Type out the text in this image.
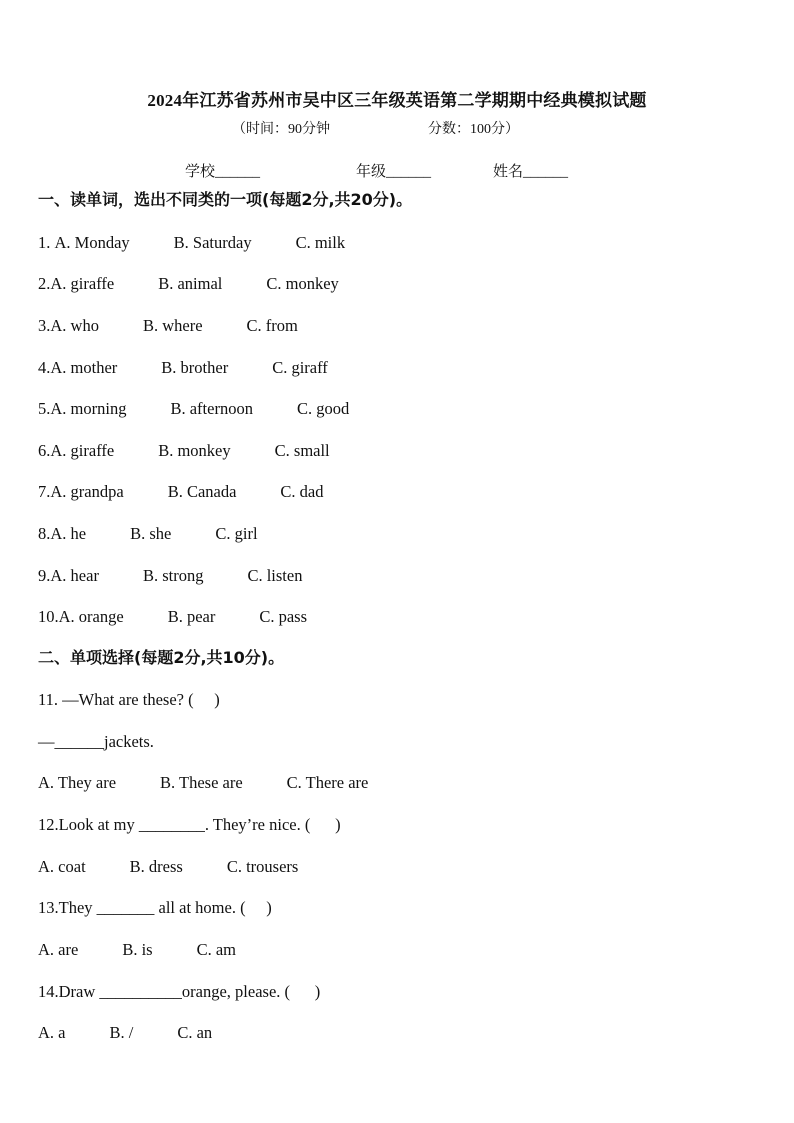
2024年江苏省苏州市吴中区三年级英语第二学期期中经典模拟试题
（时间：90分钟	分数：100分）
学校______	年级______	姓名______
一、读单词，选出不同类的一项(每题2分,共20分)。
1. A. Monday	B. Saturday	C. milk
2.A. giraffe	B. animal	C. monkey
3.A. who	B. where	C. from
4.A. mother	B. brother	C. giraff
5.A. morning	B. afternoon	C. good
6.A. giraffe	B. monkey	C. small
7.A. grandpa	B. Canada	C. dad
8.A. he	B. she	C. girl
9.A. hear	B. strong	C. listen
10.A. orange	B. pear	C. pass
二、单项选择(每题2分,共10分)。
11. —What are these? (     )
—______jackets.
A. They are	B. These are	C. There are
12.Look at my ________. They’re nice. (      )
A. coat	B. dress	C. trousers
13.They _______ all at home. (     )
A. are	B. is	C. am
14.Draw __________orange, please. (      )
A. a	B. /	C. an
